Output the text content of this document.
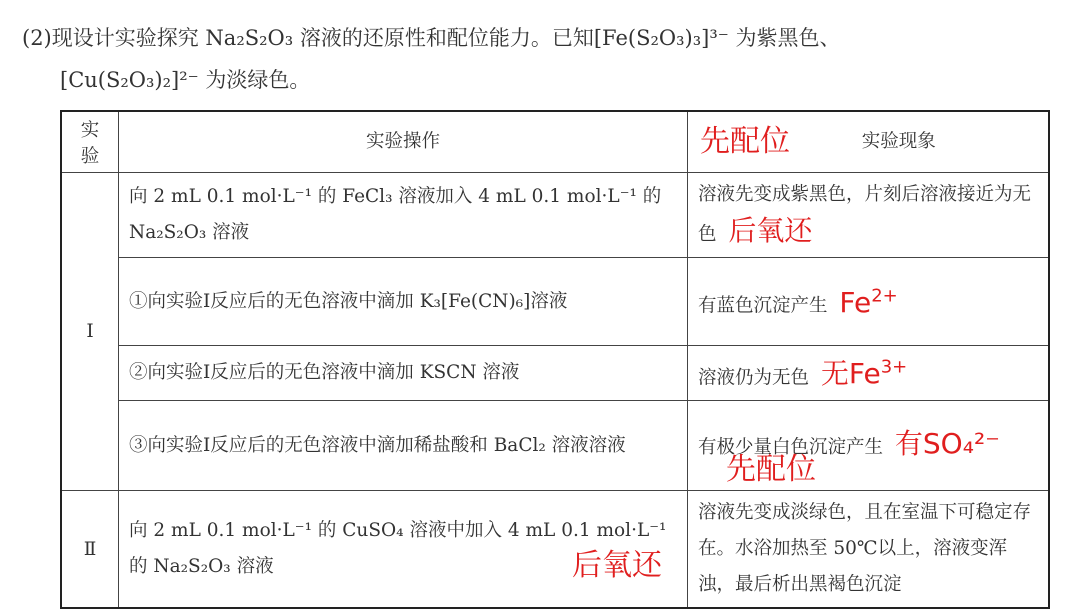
(2)现设计实验探究 Na₂S₂O₃ 溶液的还原性和配位能力。已知[Fe(S₂O₃)₃]³⁻ 为紫黑色、
[Cu(S₂O₃)₂]²⁻ 为淡绿色。
实验	实验操作	实验现象
Ⅰ	向 2 mL 0.1 mol·L⁻¹ 的 FeCl₃ 溶液加入 4 mL 0.1 mol·L⁻¹ 的 Na₂S₂O₃ 溶液	溶液先变成紫黑色，片刻后溶液接近为无色 后氧还
	①向实验Ⅰ反应后的无色溶液中滴加 K₃[Fe(CN)₆]溶液	有蓝色沉淀产生 $Fe^{2+}$
	②向实验Ⅰ反应后的无色溶液中滴加 KSCN 溶液	溶液仍为无色 无$Fe^{3+}$
	③向实验Ⅰ反应后的无色溶液中滴加稀盐酸和 BaCl₂ 溶液溶液	有极少量白色沉淀产生 有SO₄²⁻
Ⅱ	向 2 mL 0.1 mol·L⁻¹ 的 CuSO₄ 溶液中加入 4 mL 0.1 mol·L⁻¹ 的 Na₂S₂O₃ 溶液	溶液先变成淡绿色，且在室温下可稳定存在。水浴加热至 50℃以上，溶液变浑浊，最后析出黑褐色沉淀
先配位
先配位
后氧还
